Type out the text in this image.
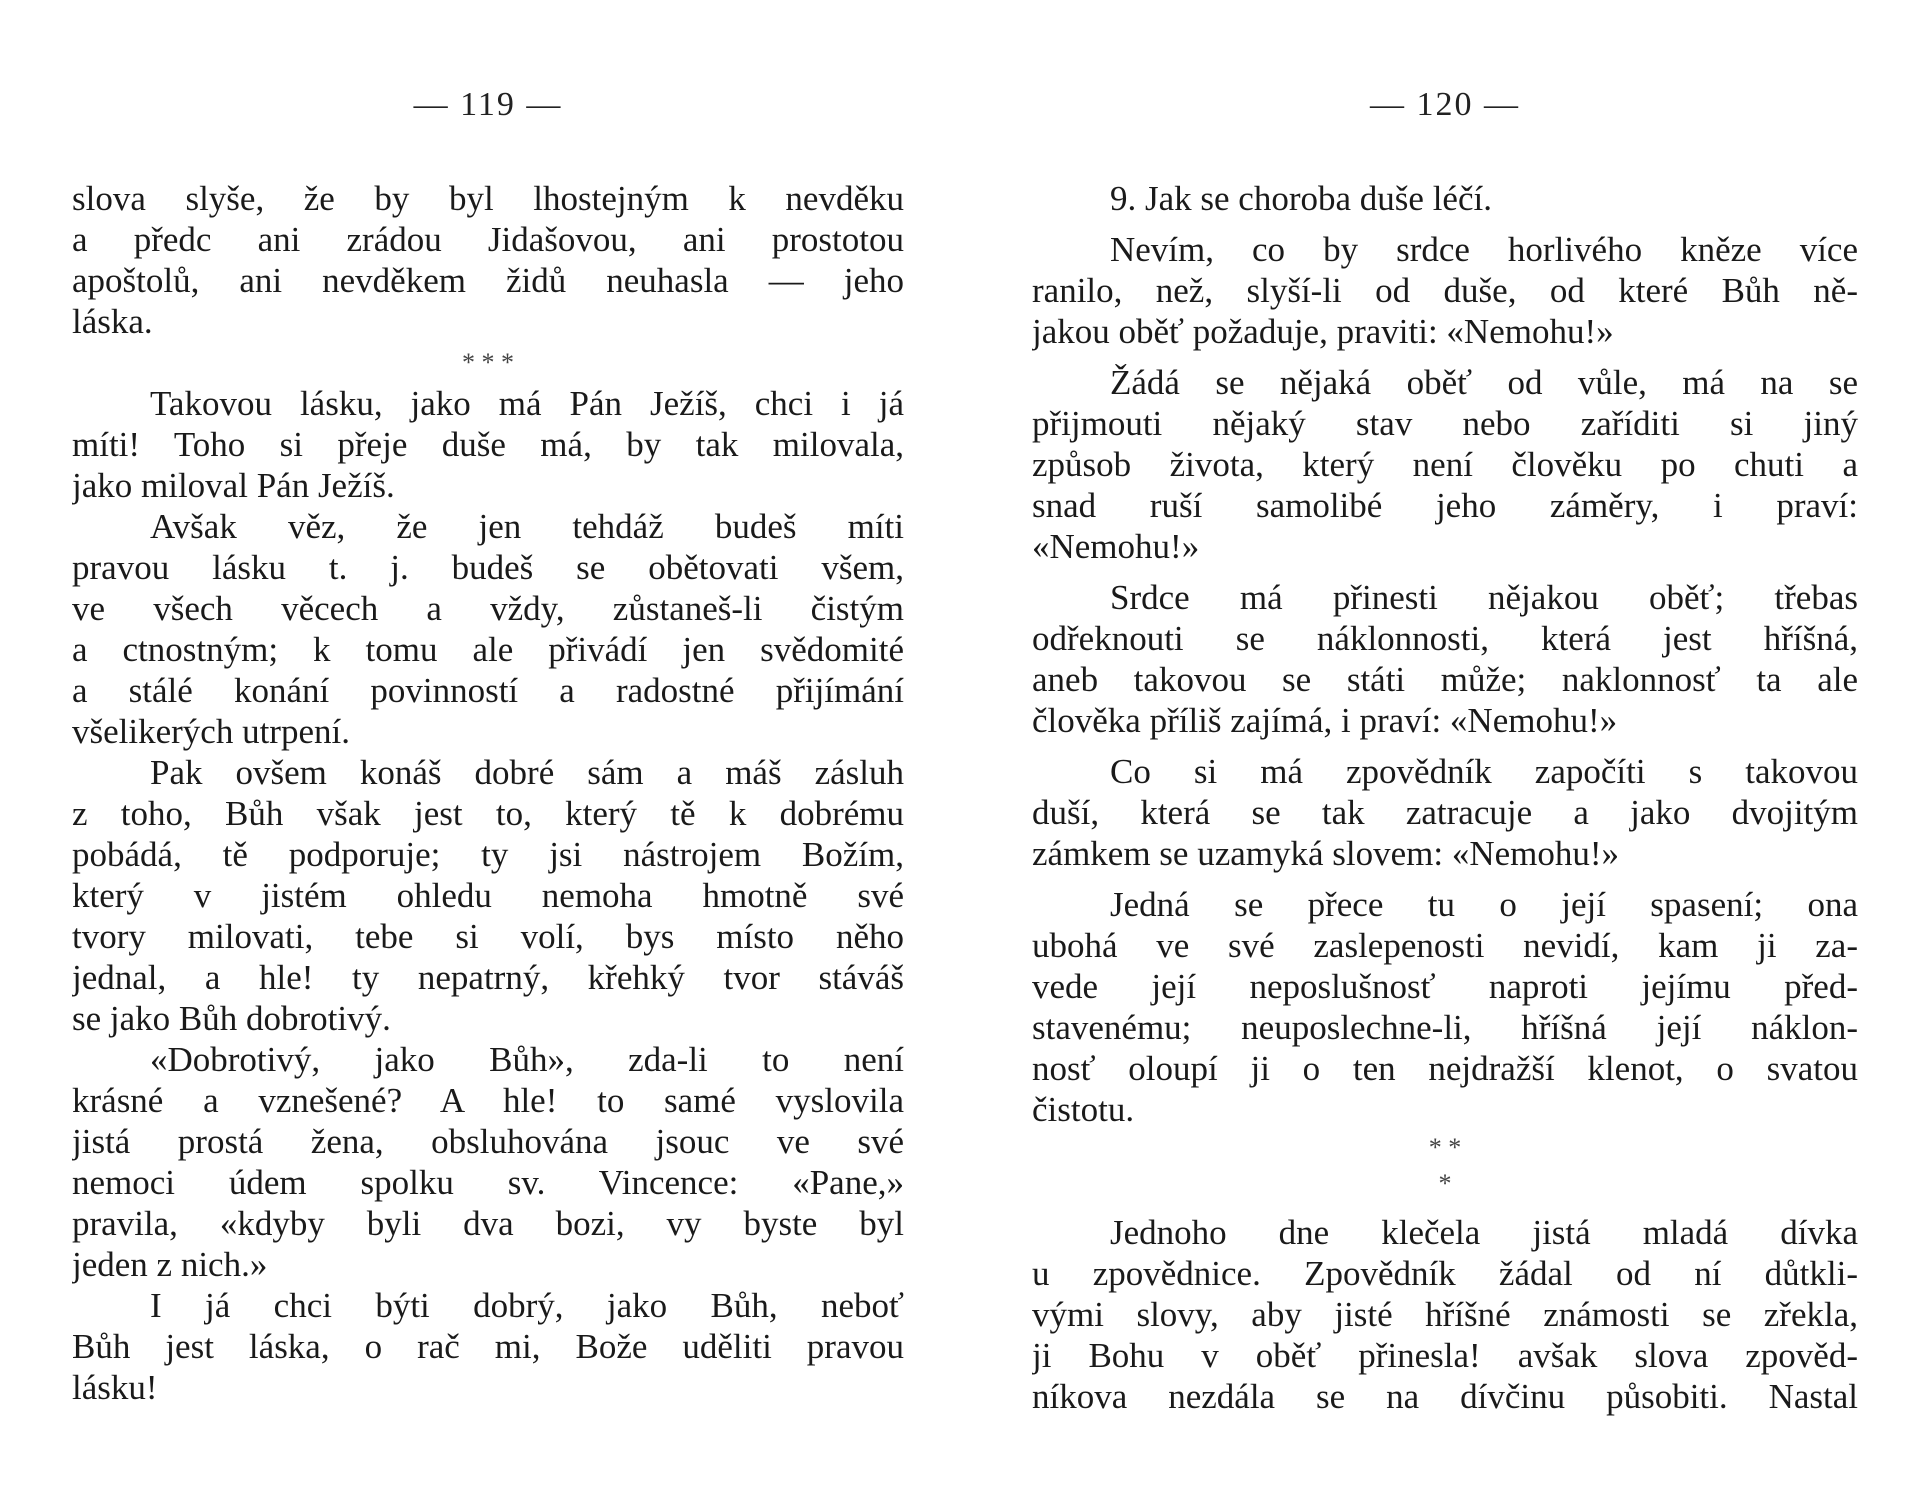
— 119 —
slova slyše, že by byl lhostejným k nevděku
a předc ani zrádou Jidašovou, ani prostotou
apoštolů, ani nevděkem židů neuhasla — jeho
láska.
* * *
Takovou lásku, jako má Pán Ježíš, chci i já
míti! Toho si přeje duše má, by tak milovala,
jako miloval Pán Ježíš.
Avšak věz, že jen tehdáž budeš míti
pravou lásku t. j. budeš se obětovati všem,
ve všech věcech a vždy, zůstaneš-li čistým
a ctnostným; k tomu ale přivádí jen svědomité
a stálé konání povinností a radostné přijímání
všelikerých utrpení.
Pak ovšem konáš dobré sám a máš zásluh
z toho, Bůh však jest to, který tě k dobrému
pobádá, tě podporuje; ty jsi nástrojem Božím,
který v jistém ohledu nemoha hmotně své
tvory milovati, tebe si volí, bys místo něho
jednal, a hle! ty nepatrný, křehký tvor stáváš
se jako Bůh dobrotivý.
«Dobrotivý, jako Bůh», zda-li to není
krásné a vznešené? A hle! to samé vyslovila
jistá prostá žena, obsluhována jsouc ve své
nemoci údem spolku sv. Vincence: «Pane,»
pravila, «kdyby byli dva bozi, vy byste byl
jeden z nich.»
I já chci býti dobrý, jako Bůh, neboť
Bůh jest láska, o rač mi, Bože uděliti pravou
lásku!
— 120 —
9. Jak se choroba duše léčí.
Nevím, co by srdce horlivého kněze více
ranilo, než, slyší-li od duše, od které Bůh ně-
jakou oběť požaduje, praviti: «Nemohu!»
Žádá se nějaká oběť od vůle, má na se
přijmouti nějaký stav nebo zaříditi si jiný
způsob života, který není člověku po chuti a
snad ruší samolibé jeho záměry, i praví:
«Nemohu!»
Srdce má přinesti nějakou oběť; třebas
odřeknouti se náklonnosti, která jest hříšná,
aneb takovou se státi může; naklonnosť ta ale
člověka příliš zajímá, i praví: «Nemohu!»
Co si má zpovědník započíti s takovou
duší, která se tak zatracuje a jako dvojitým
zámkem se uzamyká slovem: «Nemohu!»
Jedná se přece tu o její spasení; ona
ubohá ve své zaslepenosti nevidí, kam ji za-
vede její neposlušnosť naproti jejímu před-
stavenému; neuposlechne-li, hříšná její náklon-
nosť oloupí ji o ten nejdražší klenot, o svatou
čistotu.
* *
*
Jednoho dne klečela jistá mladá dívka
u zpovědnice. Zpovědník žádal od ní důtkli-
vými slovy, aby jisté hříšné známosti se zřekla,
ji Bohu v oběť přinesla! avšak slova zpověd-
níkova nezdála se na dívčinu působiti. Nastal
